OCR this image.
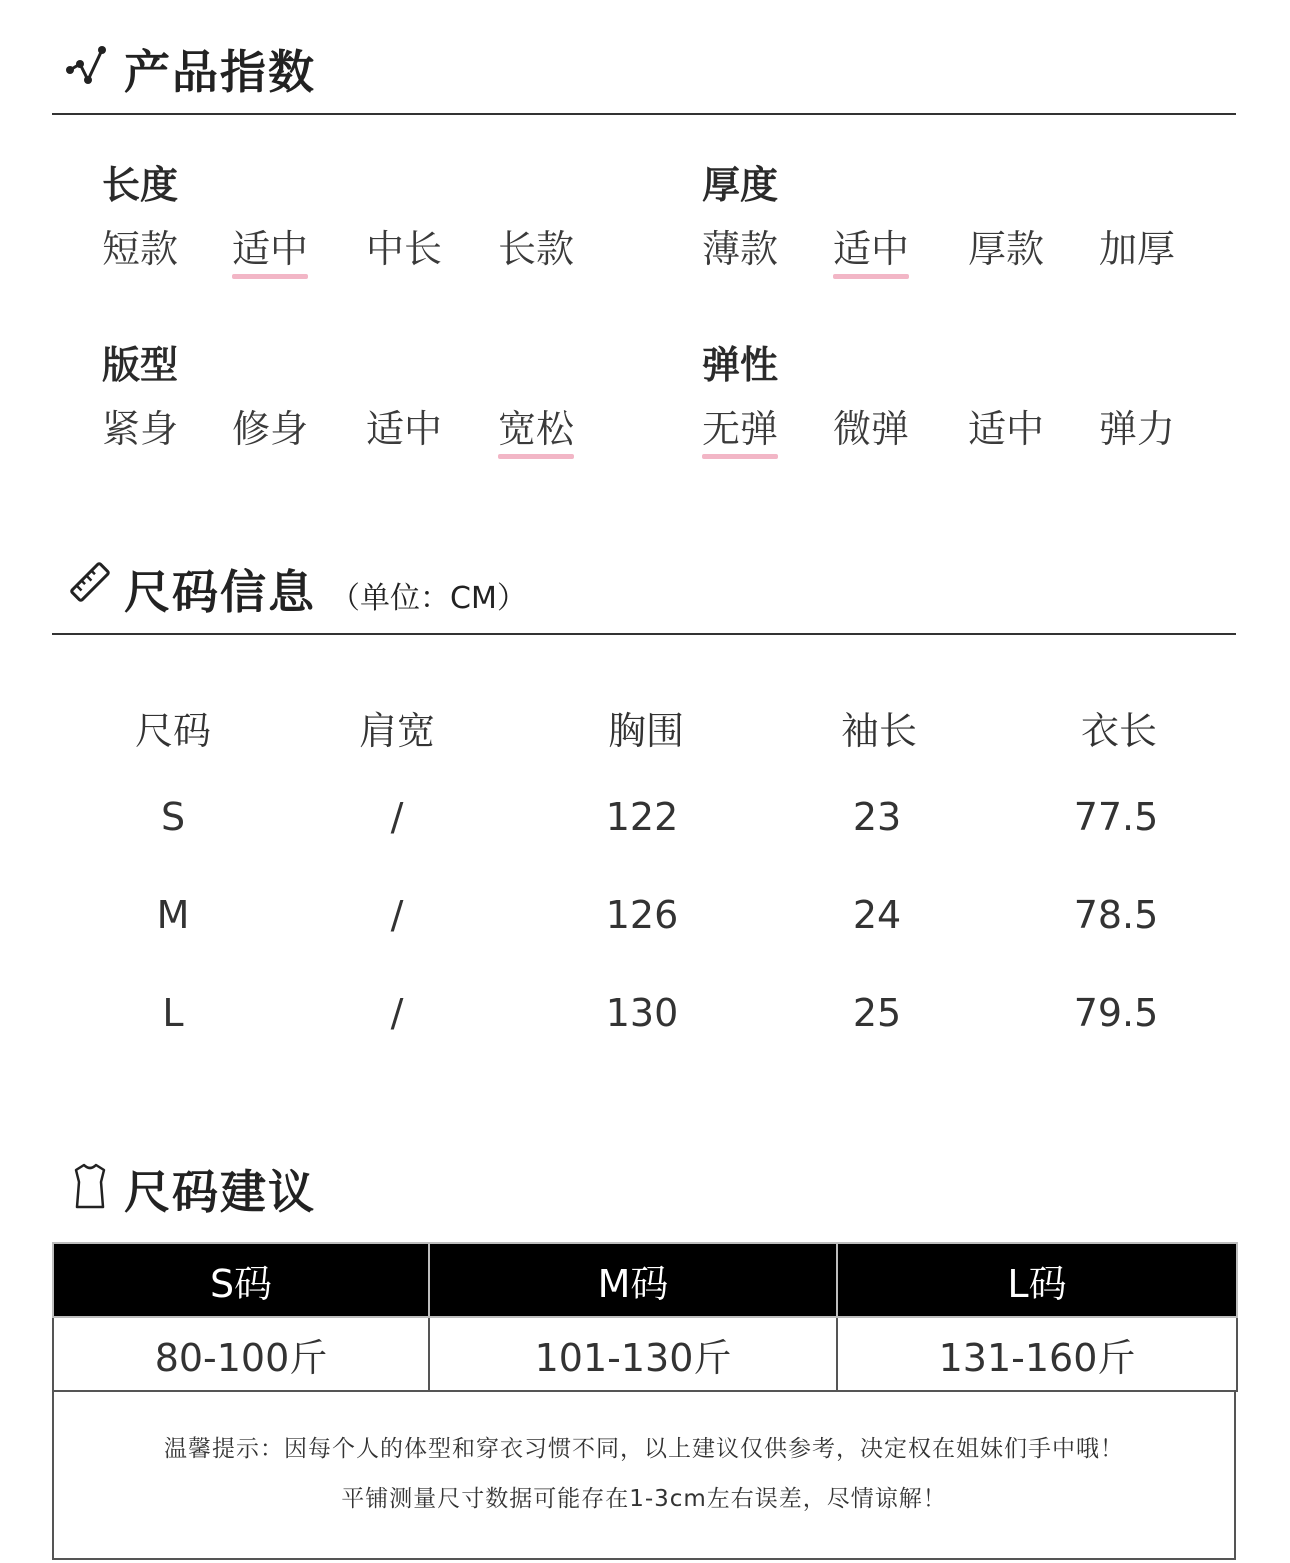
产品指数
长度
短款 适中 中长 长款
厚度
薄款 适中 厚款 加厚
版型
紧身 修身 适中 宽松
弹性
无弹 微弹 适中 弹力
尺码信息 （单位：CM）
尺码	肩宽	胸围	袖长	衣长
S	/	122	23	77.5
M	/	126	24	78.5
L	/	130	25	79.5
尺码建议
S码	M码	L码
80-100斤	101-130斤	131-160斤
温馨提示：因每个人的体型和穿衣习惯不同，以上建议仅供参考，决定权在姐妹们手中哦！
平铺测量尺寸数据可能存在1-3cm左右误差，尽情谅解！
